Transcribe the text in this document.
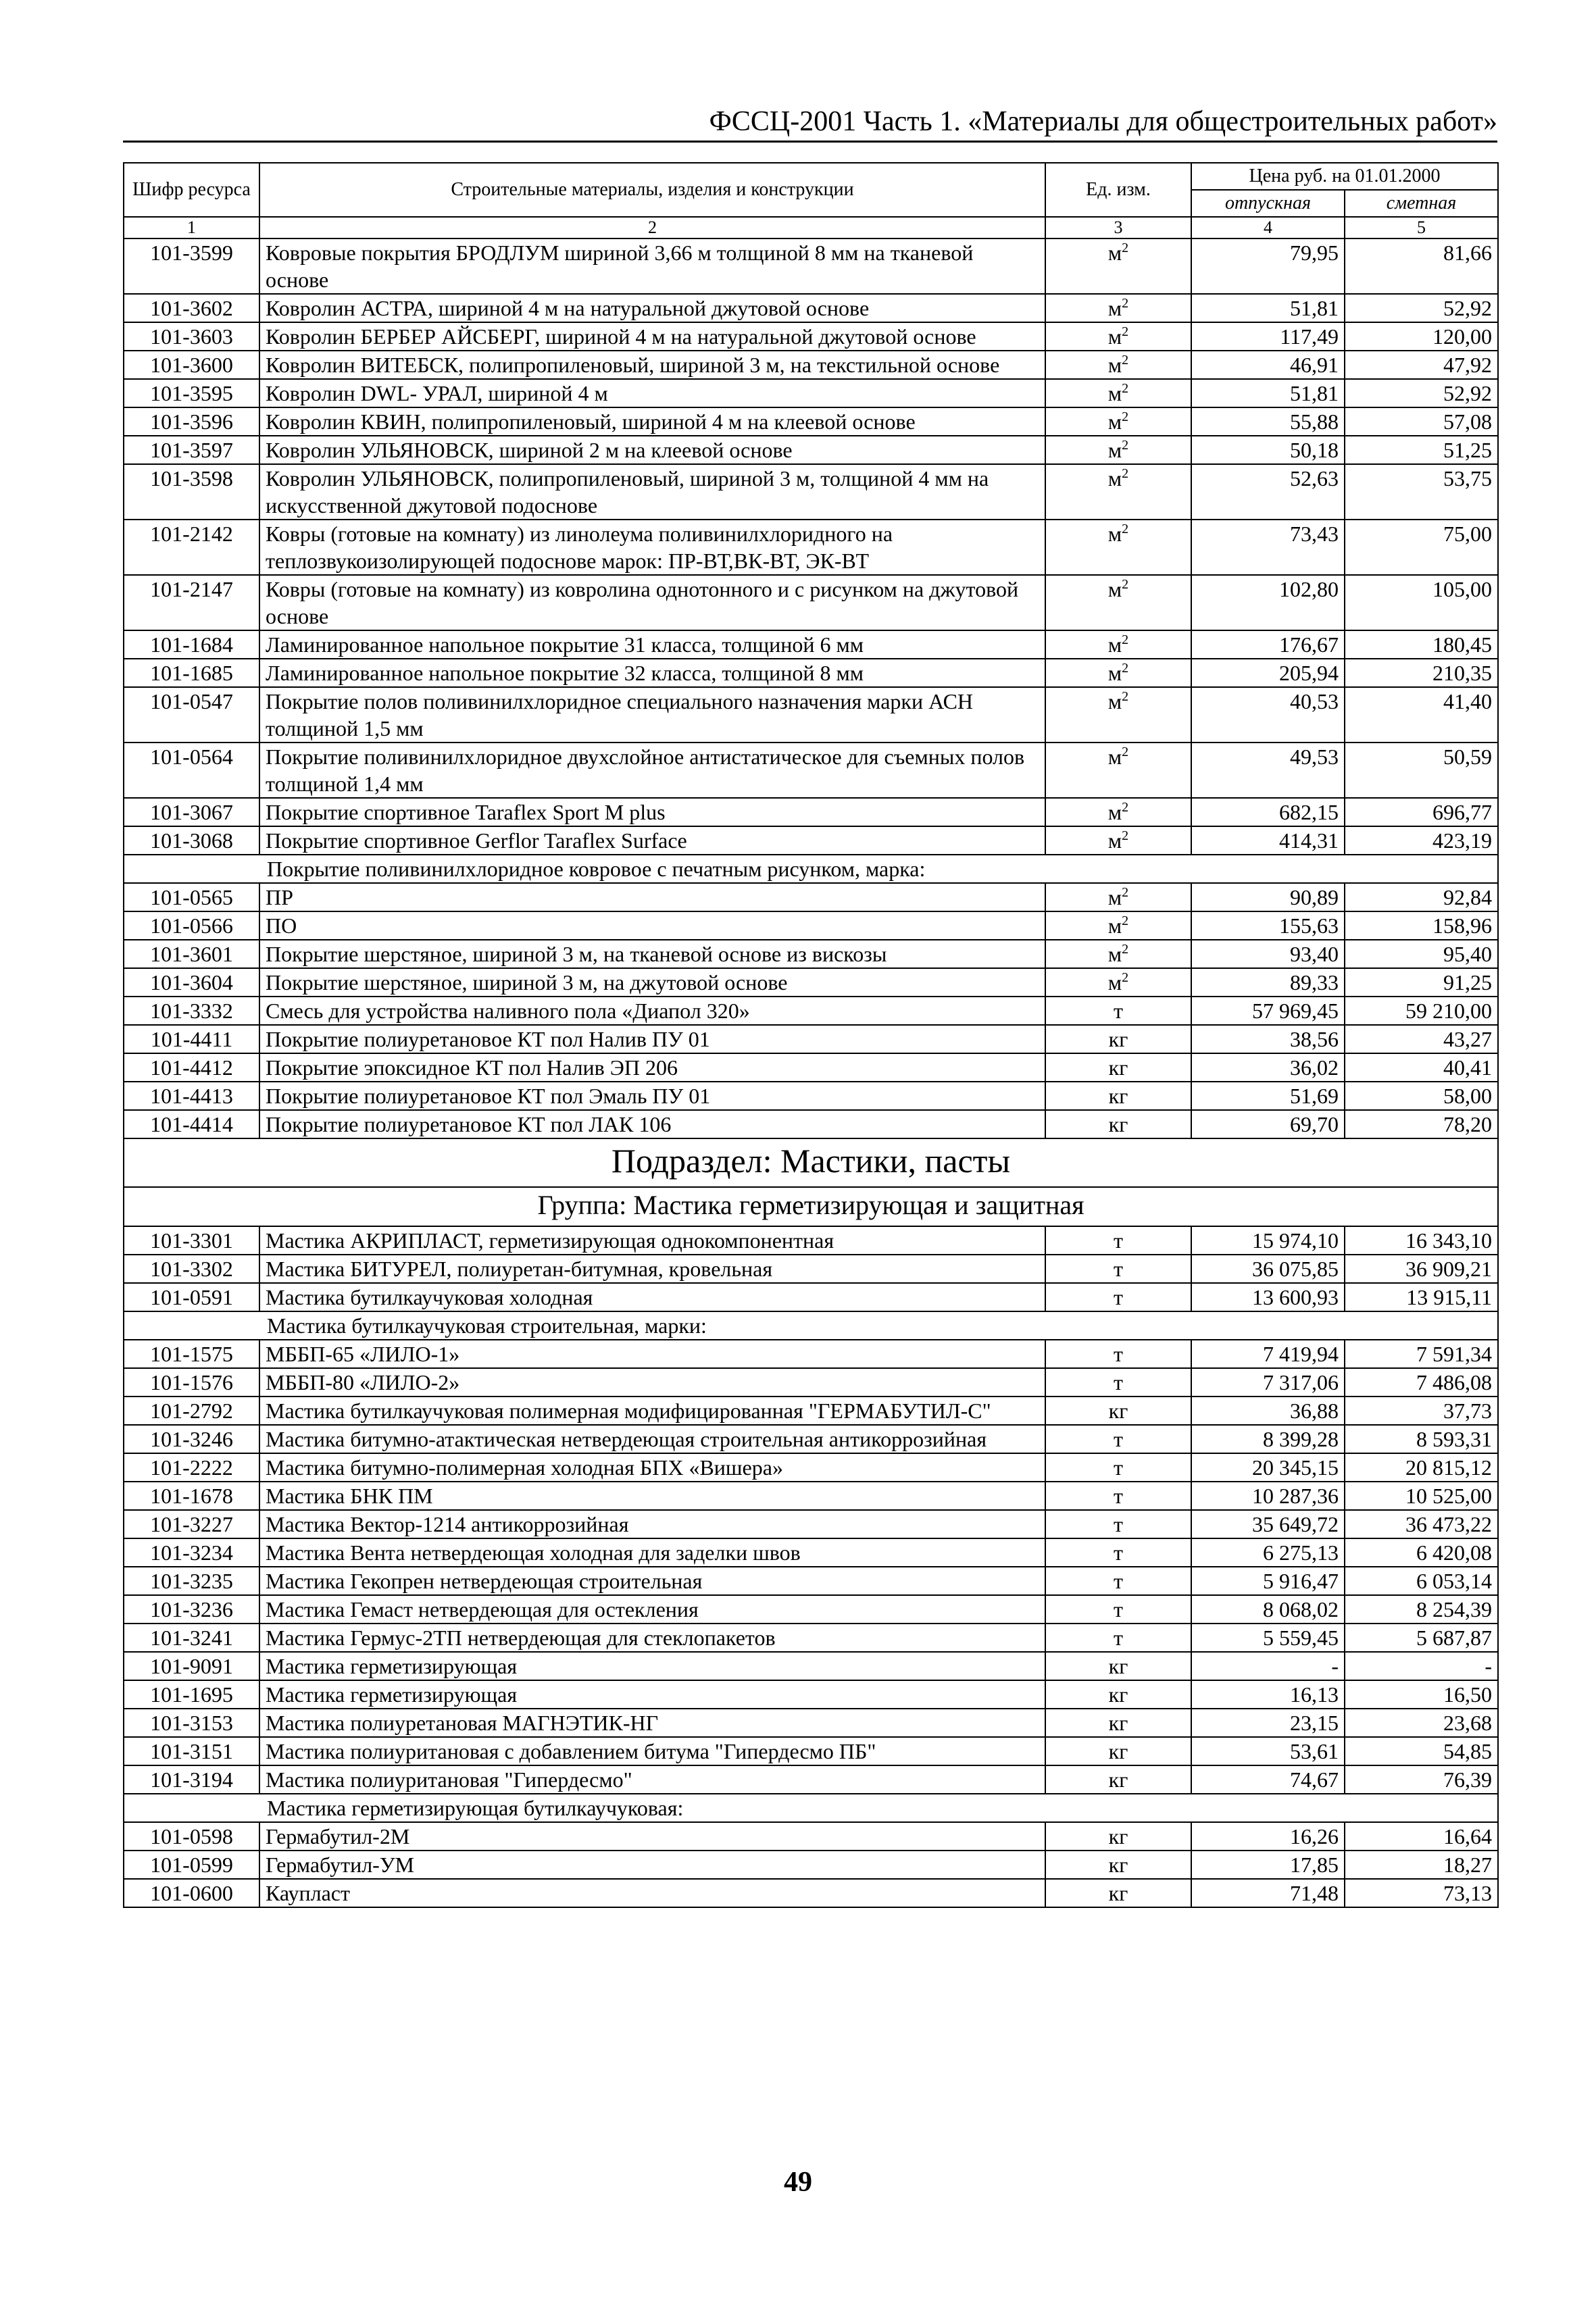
ФССЦ-2001 Часть 1. «Материалы для общестроительных работ»
Шифр ресурса	Строительные материалы, изделия и конструкции	Ед. изм.	Цена руб. на 01.01.2000	
			отпускная	сметная
1	2	3	4	5
101-3599	Ковровые покрытия БРОДЛУМ шириной 3,66 м толщиной 8 мм на тканевой основе	$м^2$	79,95	81,66
101-3602	Ковролин АСТРА, шириной 4 м на натуральной джутовой основе	$м^2$	51,81	52,92
101-3603	Ковролин БЕРБЕР АЙСБЕРГ, шириной 4 м на натуральной джутовой основе	$м^2$	117,49	120,00
101-3600	Ковролин ВИТЕБСК, полипропиленовый, шириной 3 м, на текстильной основе	$м^2$	46,91	47,92
101-3595	Ковролин DWL- УРАЛ, шириной 4 м	$м^2$	51,81	52,92
101-3596	Ковролин КВИН, полипропиленовый, шириной 4 м на клеевой основе	$м^2$	55,88	57,08
101-3597	Ковролин УЛЬЯНОВСК, шириной 2 м на клеевой основе	$м^2$	50,18	51,25
101-3598	Ковролин УЛЬЯНОВСК, полипропиленовый, шириной 3 м, толщиной 4 мм на искусственной джутовой подоснове	$м^2$	52,63	53,75
101-2142	Ковры (готовые на комнату) из линолеума поливинилхлоридного на теплозвукоизолирующей подоснове марок: ПР-ВТ,ВК-ВТ, ЭК-ВТ	$м^2$	73,43	75,00
101-2147	Ковры (готовые на комнату) из ковролина однотонного и с рисунком на джутовой основе	$м^2$	102,80	105,00
101-1684	Ламинированное напольное покрытие 31 класса, толщиной 6 мм	$м^2$	176,67	180,45
101-1685	Ламинированное напольное покрытие 32 класса, толщиной 8 мм	$м^2$	205,94	210,35
101-0547	Покрытие полов поливинилхлоридное специального назначения марки АСН толщиной 1,5 мм	$м^2$	40,53	41,40
101-0564	Покрытие поливинилхлоридное двухслойное антистатическое для съемных полов толщиной 1,4 мм	$м^2$	49,53	50,59
101-3067	Покрытие спортивное Taraflex Sport M plus	$м^2$	682,15	696,77
101-3068	Покрытие спортивное Gerflor Taraflex Surface	$м^2$	414,31	423,19
Покрытие поливинилхлоридное ковровое с печатным рисунком, марка:				
101-0565	ПР	$м^2$	90,89	92,84
101-0566	ПО	$м^2$	155,63	158,96
101-3601	Покрытие шерстяное, шириной 3 м, на тканевой основе из вискозы	$м^2$	93,40	95,40
101-3604	Покрытие шерстяное, шириной 3 м, на джутовой основе	$м^2$	89,33	91,25
101-3332	Смесь для устройства наливного пола «Диапол 320»	т	57 969,45	59 210,00
101-4411	Покрытие полиуретановое КТ пол Налив ПУ 01	кг	38,56	43,27
101-4412	Покрытие эпоксидное КТ пол Налив ЭП 206	кг	36,02	40,41
101-4413	Покрытие полиуретановое КТ пол Эмаль ПУ 01	кг	51,69	58,00
101-4414	Покрытие полиуретановое КТ пол ЛАК 106	кг	69,70	78,20
Подраздел: Мастики, пасты				
Группа: Мастика герметизирующая и защитная				
101-3301	Мастика АКРИПЛАСТ, герметизирующая однокомпонентная	т	15 974,10	16 343,10
101-3302	Мастика БИТУРЕЛ, полиуретан-битумная, кровельная	т	36 075,85	36 909,21
101-0591	Мастика бутилкаучуковая холодная	т	13 600,93	13 915,11
Мастика бутилкаучуковая строительная, марки:				
101-1575	МББП-65 «ЛИЛО-1»	т	7 419,94	7 591,34
101-1576	МББП-80 «ЛИЛО-2»	т	7 317,06	7 486,08
101-2792	Мастика бутилкаучуковая полимерная модифицированная "ГЕРМАБУТИЛ-С"	кг	36,88	37,73
101-3246	Мастика битумно-атактическая нетвердеющая строительная антикоррозийная	т	8 399,28	8 593,31
101-2222	Мастика битумно-полимерная холодная БПХ «Вишера»	т	20 345,15	20 815,12
101-1678	Мастика БНК ПМ	т	10 287,36	10 525,00
101-3227	Мастика Вектор-1214 антикоррозийная	т	35 649,72	36 473,22
101-3234	Мастика Вента нетвердеющая холодная для заделки швов	т	6 275,13	6 420,08
101-3235	Мастика Гекопрен нетвердеющая строительная	т	5 916,47	6 053,14
101-3236	Мастика Гемаст нетвердеющая для остекления	т	8 068,02	8 254,39
101-3241	Мастика Гермус-2ТП нетвердеющая для стеклопакетов	т	5 559,45	5 687,87
101-9091	Мастика герметизирующая	кг	-	-
101-1695	Мастика герметизирующая	кг	16,13	16,50
101-3153	Мастика полиуретановая МАГНЭТИК-НГ	кг	23,15	23,68
101-3151	Мастика полиуритановая с добавлением битума "Гипердесмо ПБ"	кг	53,61	54,85
101-3194	Мастика полиуритановая "Гипердесмо"	кг	74,67	76,39
Мастика герметизирующая бутилкаучуковая:				
101-0598	Гермабутил-2М	кг	16,26	16,64
101-0599	Гермабутил-УМ	кг	17,85	18,27
101-0600	Каупласт	кг	71,48	73,13
49
